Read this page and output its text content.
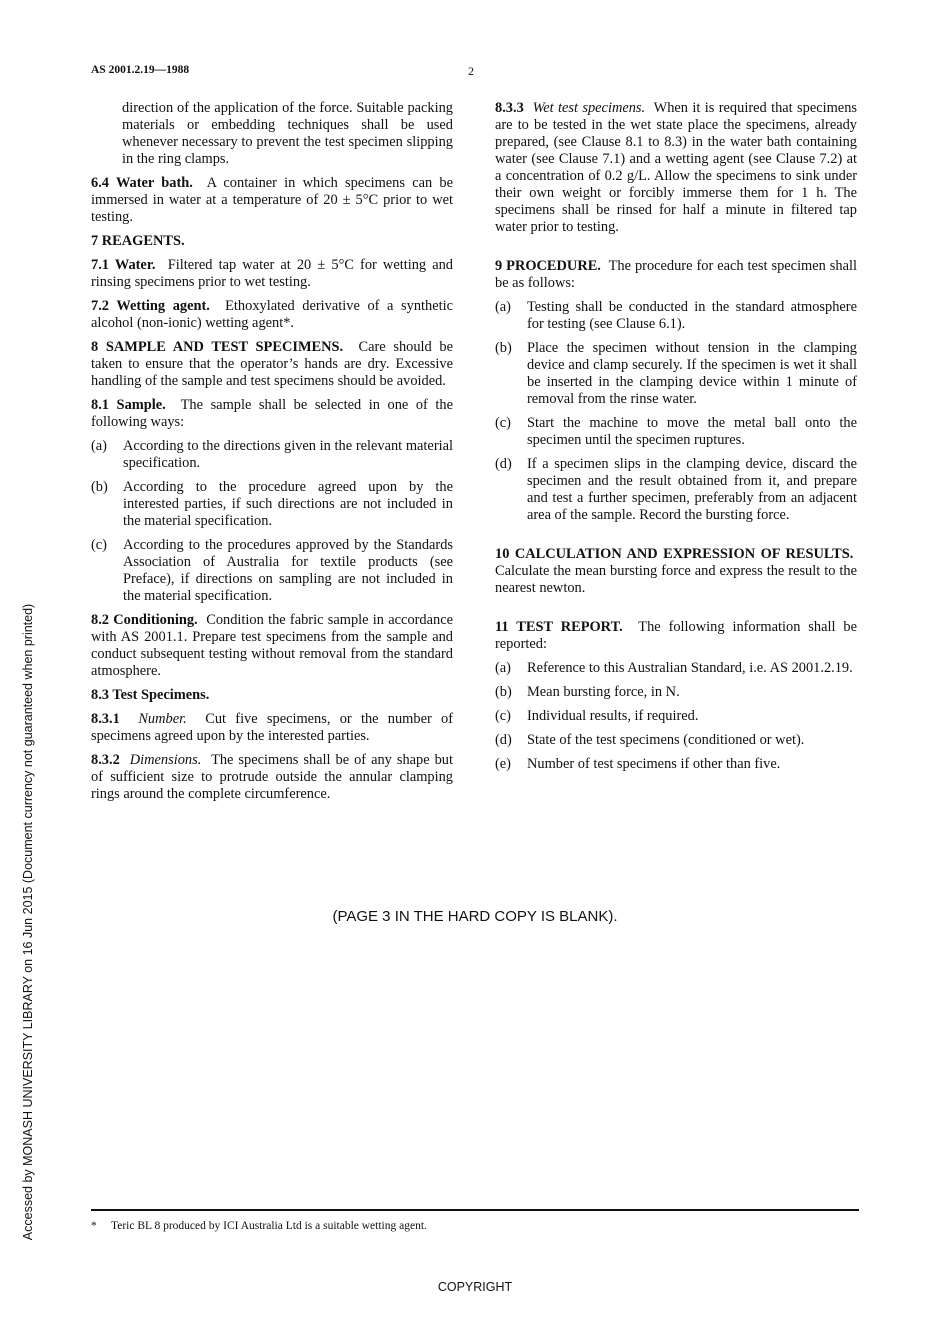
AS 2001.2.19—1988	2
Accessed by MONASH UNIVERSITY LIBRARY on 16 Jun 2015 (Document currency not guaranteed when printed)

direction of the application of the force. Suitable packing materials or embedding techniques shall be used whenever necessary to prevent the test specimen slipping in the ring clamps.

6.4 Water bath. A container in which specimens can be immersed in water at a temperature of 20 ± 5°C prior to wet testing.

7 REAGENTS.

7.1 Water. Filtered tap water at 20 ± 5°C for wetting and rinsing specimens prior to wet testing.

7.2 Wetting agent. Ethoxylated derivative of a synthetic alcohol (non-ionic) wetting agent*.

8 SAMPLE AND TEST SPECIMENS. Care should be taken to ensure that the operator’s hands are dry. Excessive handling of the sample and test specimens should be avoided.

8.1 Sample. The sample shall be selected in one of the following ways:

(a)	According to the directions given in the relevant material specification.
(b)	According to the procedure agreed upon by the interested parties, if such directions are not included in the material specification.
(c)	According to the procedures approved by the Standards Association of Australia for textile products (see Preface), if directions on sampling are not included in the material specification.

8.2 Conditioning. Condition the fabric sample in accordance with AS 2001.1. Prepare test specimens from the sample and conduct subsequent testing without removal from the standard atmosphere.

8.3 Test Specimens.

8.3.1 Number. Cut five specimens, or the number of specimens agreed upon by the interested parties.

8.3.2 Dimensions. The specimens shall be of any shape but of sufficient size to protrude outside the annular clamping rings around the complete circumference.

8.3.3 Wet test specimens. When it is required that specimens are to be tested in the wet state place the specimens, already prepared, (see Clause 8.1 to 8.3) in the water bath containing water (see Clause 7.1) and a wetting agent (see Clause 7.2) at a concentration of 0.2 g/L. Allow the specimens to sink under their own weight or forcibly immerse them for 1 h. The specimens shall be rinsed for half a minute in filtered tap water prior to testing.

9 PROCEDURE. The procedure for each test specimen shall be as follows:

(a)	Testing shall be conducted in the standard atmosphere for testing (see Clause 6.1).
(b)	Place the specimen without tension in the clamping device and clamp securely. If the specimen is wet it shall be inserted in the clamping device within 1 minute of removal from the rinse water.
(c)	Start the machine to move the metal ball onto the specimen until the specimen ruptures.
(d)	If a specimen slips in the clamping device, discard the specimen and the result obtained from it, and prepare and test a further specimen, preferably from an adjacent area of the sample. Record the bursting force.

10 CALCULATION AND EXPRESSION OF RESULTS.  Calculate the mean bursting force and express the result to the nearest newton.

11 TEST REPORT. The following information shall be reported:

(a)	Reference to this Australian Standard, i.e. AS 2001.2.19.
(b)	Mean bursting force, in N.
(c)	Individual results, if required.
(d)	State of the test specimens (conditioned or wet).
(e)	Number of test specimens if other than five.
(PAGE 3 IN THE HARD COPY IS BLANK).
* Teric BL 8 produced by ICI Australia Ltd is a suitable wetting agent.
COPYRIGHT
